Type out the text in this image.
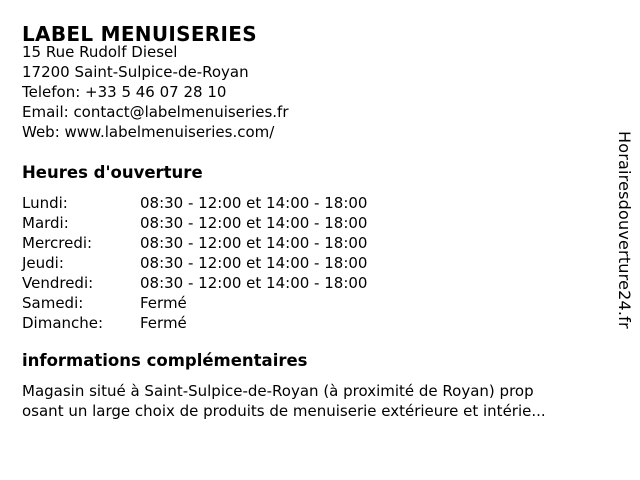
LABEL MENUISERIES
15 Rue Rudolf Diesel
17200 Saint-Sulpice-de-Royan
Telefon: +33 5 46 07 28 10
Email: contact@labelmenuiseries.fr
Web: www.labelmenuiseries.com/
Heures d'ouverture
Lundi:	08:30 - 12:00 et 14:00 - 18:00
Mardi:	08:30 - 12:00 et 14:00 - 18:00
Mercredi:	08:30 - 12:00 et 14:00 - 18:00
Jeudi:	08:30 - 12:00 et 14:00 - 18:00
Vendredi:	08:30 - 12:00 et 14:00 - 18:00
Samedi:	Fermé
Dimanche:	Fermé
informations complémentaires
Magasin situé à Saint-Sulpice-de-Royan (à proximité de Royan) prop
osant un large choix de produits de menuiserie extérieure et intérie...
Horairesdouverture24.fr
